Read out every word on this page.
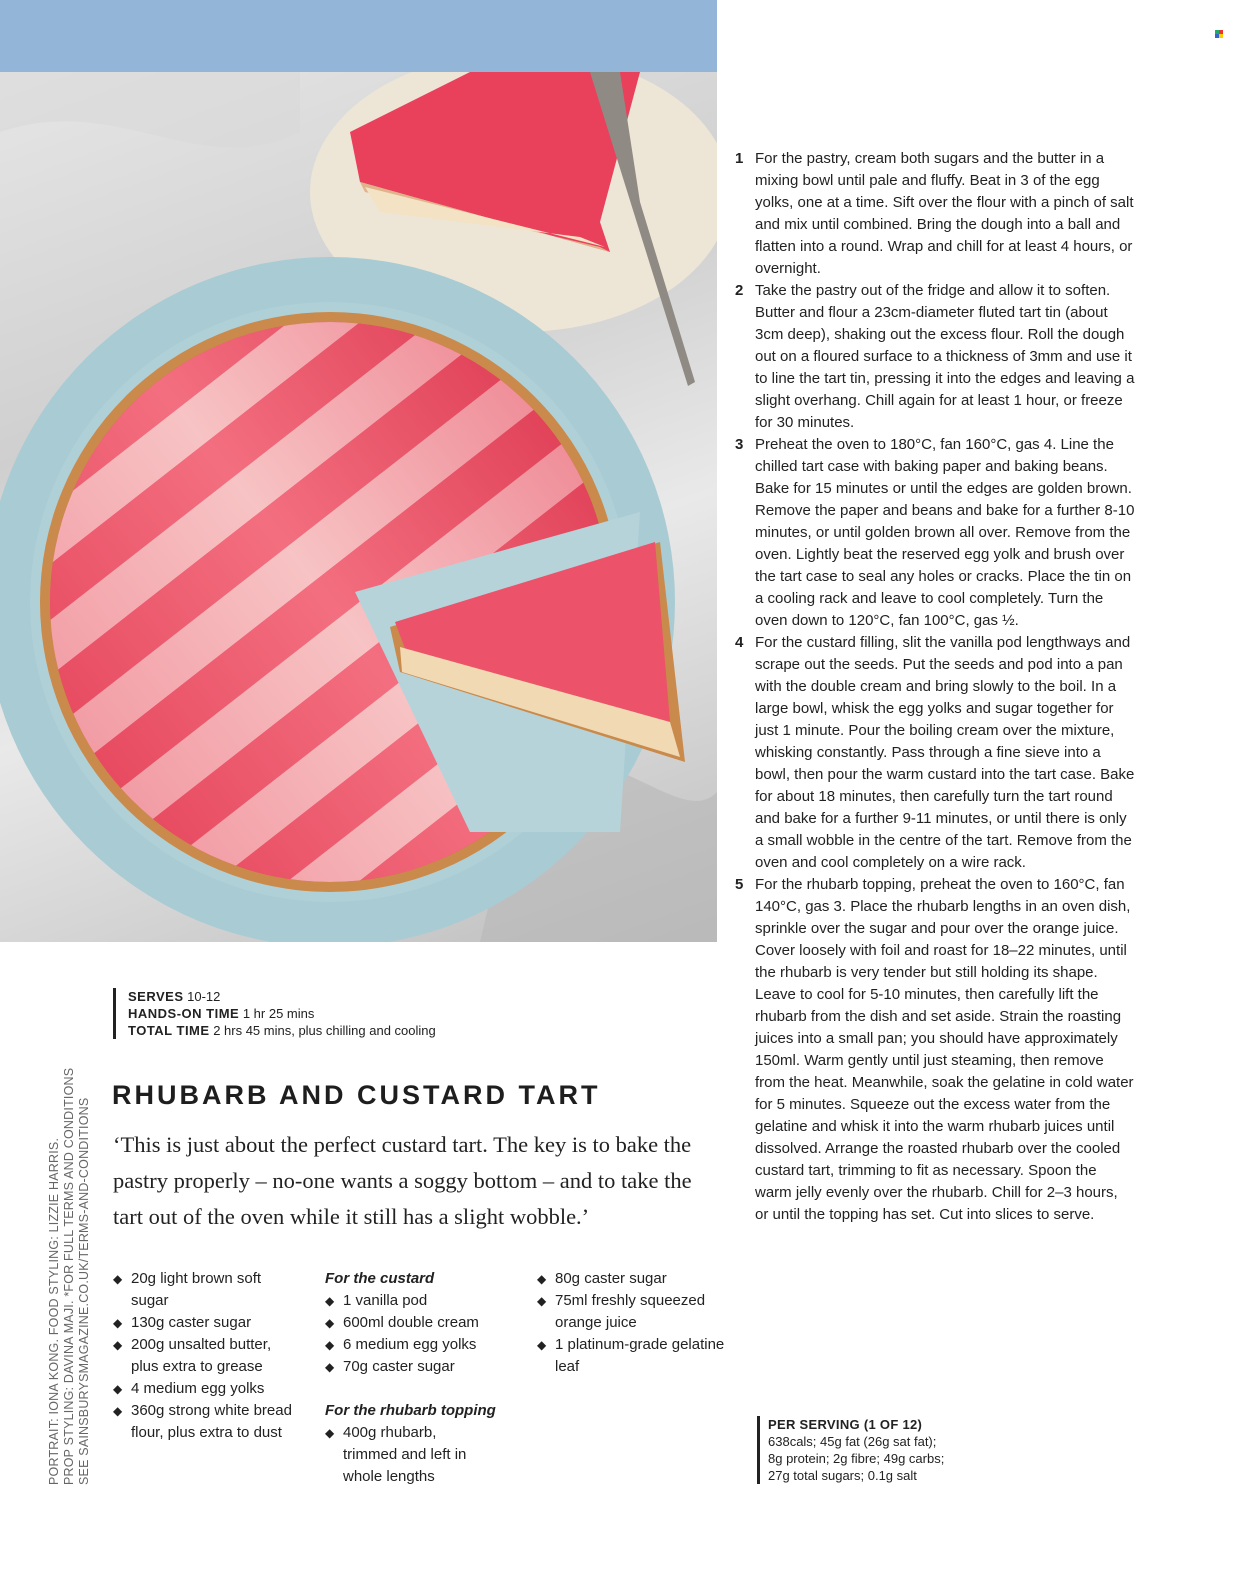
1 For the pastry, cream both sugars and the butter in a mixing bowl until pale and fluffy. Beat in 3 of the egg yolks, one at a time. Sift over the flour with a pinch of salt and mix until combined. Bring the dough into a ball and flatten into a round. Wrap and chill for at least 4 hours, or overnight.

2 Take the pastry out of the fridge and allow it to soften. Butter and flour a 23cm-diameter fluted tart tin (about 3cm deep), shaking out the excess flour. Roll the dough out on a floured surface to a thickness of 3mm and use it to line the tart tin, pressing it into the edges and leaving a slight overhang. Chill again for at least 1 hour, or freeze for 30 minutes.

3 Preheat the oven to 180°C, fan 160°C, gas 4. Line the chilled tart case with baking paper and baking beans. Bake for 15 minutes or until the edges are golden brown. Remove the paper and beans and bake for a further 8-10 minutes, or until golden brown all over. Remove from the oven. Lightly beat the reserved egg yolk and brush over the tart case to seal any holes or cracks. Place the tin on a cooling rack and leave to cool completely. Turn the oven down to 120°C, fan 100°C, gas ½.

4 For the custard filling, slit the vanilla pod lengthways and scrape out the seeds. Put the seeds and pod into a pan with the double cream and bring slowly to the boil. In a large bowl, whisk the egg yolks and sugar together for just 1 minute. Pour the boiling cream over the mixture, whisking constantly. Pass through a fine sieve into a bowl, then pour the warm custard into the tart case. Bake for about 18 minutes, then carefully turn the tart round and bake for a further 9-11 minutes, or until there is only a small wobble in the centre of the tart. Remove from the oven and cool completely on a wire rack.

5 For the rhubarb topping, preheat the oven to 160°C, fan 140°C, gas 3. Place the rhubarb lengths in an oven dish, sprinkle over the sugar and pour over the orange juice. Cover loosely with foil and roast for 18–22 minutes, until the rhubarb is very tender but still holding its shape. Leave to cool for 5-10 minutes, then carefully lift the rhubarb from the dish and set aside. Strain the roasting juices into a small pan; you should have approximately 150ml. Warm gently until just steaming, then remove from the heat. Meanwhile, soak the gelatine in cold water for 5 minutes. Squeeze out the excess water from the gelatine and whisk it into the warm rhubarb juices until dissolved. Arrange the roasted rhubarb over the cooled custard tart, trimming to fit as necessary. Spoon the warm jelly evenly over the rhubarb. Chill for 2–3 hours, or until the topping has set. Cut into slices to serve.

PORTRAIT: IONA KONG. FOOD STYLING: LIZZIE HARRIS. PROP STYLING: DAVINA MAJI. *FOR FULL TERMS AND CONDITIONS SEE SAINSBURYSMAGAZINE.CO.UK/TERMS-AND-CONDITIONS
SERVES 10-12
HANDS-ON TIME 1 hr 25 mins
TOTAL TIME 2 hrs 45 mins, plus chilling and cooling
RHUBARB AND CUSTARD TART

‘This is just about the perfect custard tart. The key is to bake the pastry properly – no-one wants a soggy bottom – and to take the tart out of the oven while it still has a slight wobble.’

◆ 20g light brown soft sugar
◆ 130g caster sugar
◆ 200g unsalted butter, plus extra to grease
◆ 4 medium egg yolks
◆ 360g strong white bread flour, plus extra to dust
For the custard
◆ 1 vanilla pod
◆ 600ml double cream
◆ 6 medium egg yolks
◆ 70g caster sugar
For the rhubarb topping
◆ 400g rhubarb, trimmed and left in whole lengths
◆ 80g caster sugar
◆ 75ml freshly squeezed orange juice
◆ 1 platinum-grade gelatine leaf
PER SERVING (1 OF 12)
638cals; 45g fat (26g sat fat);
8g protein; 2g fibre; 49g carbs;
27g total sugars; 0.1g salt
